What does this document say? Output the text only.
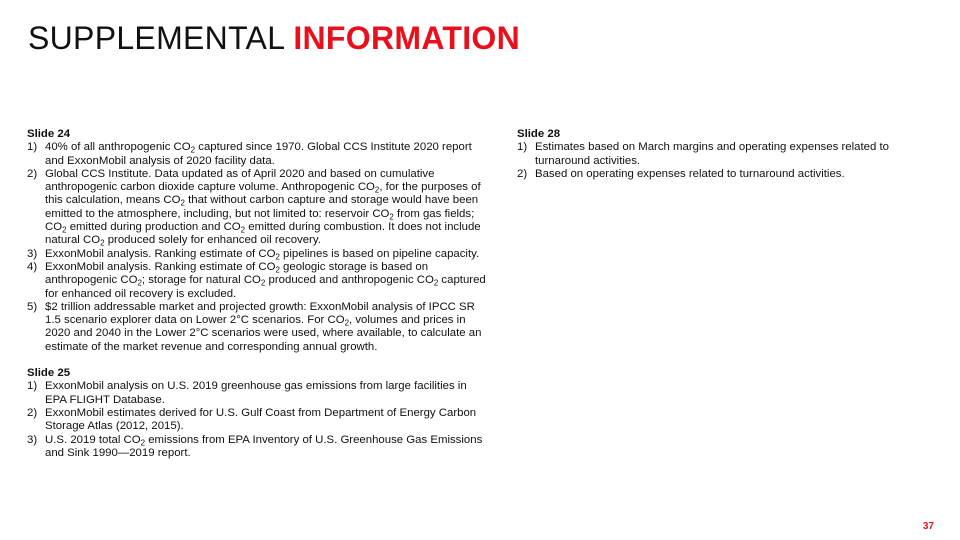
SUPPLEMENTAL INFORMATION
Slide 24
1) 40% of all anthropogenic $CO_2$ captured since 1970. Global CCS Institute 2020 report and ExxonMobil analysis of 2020 facility data.
2) Global CCS Institute. Data updated as of April 2020 and based on cumulative anthropogenic carbon dioxide capture volume. Anthropogenic $CO_2$, for the purposes of this calculation, means $CO_2$ that without carbon capture and storage would have been emitted to the atmosphere, including, but not limited to: reservoir $CO_2$ from gas fields; $CO_2$ emitted during production and $CO_2$ emitted during combustion. It does not include natural $CO_2$ produced solely for enhanced oil recovery.
3) ExxonMobil analysis. Ranking estimate of $CO_2$ pipelines is based on pipeline capacity.
4) ExxonMobil analysis. Ranking estimate of $CO_2$ geologic storage is based on anthropogenic $CO_2$; storage for natural $CO_2$ produced and anthropogenic $CO_2$ captured for enhanced oil recovery is excluded.
5) $2 trillion addressable market and projected growth: ExxonMobil analysis of IPCC SR 1.5 scenario explorer data on Lower 2°C scenarios. For $CO_2$, volumes and prices in 2020 and 2040 in the Lower 2°C scenarios were used, where available, to calculate an estimate of the market revenue and corresponding annual growth.
Slide 25
1) ExxonMobil analysis on U.S. 2019 greenhouse gas emissions from large facilities in EPA FLIGHT Database.
2) ExxonMobil estimates derived for U.S. Gulf Coast from Department of Energy Carbon Storage Atlas (2012, 2015).
3) U.S. 2019 total $CO_2$ emissions from EPA Inventory of U.S. Greenhouse Gas Emissions and Sink 1990—2019 report.
Slide 28
1) Estimates based on March margins and operating expenses related to turnaround activities.
2) Based on operating expenses related to turnaround activities.
37
